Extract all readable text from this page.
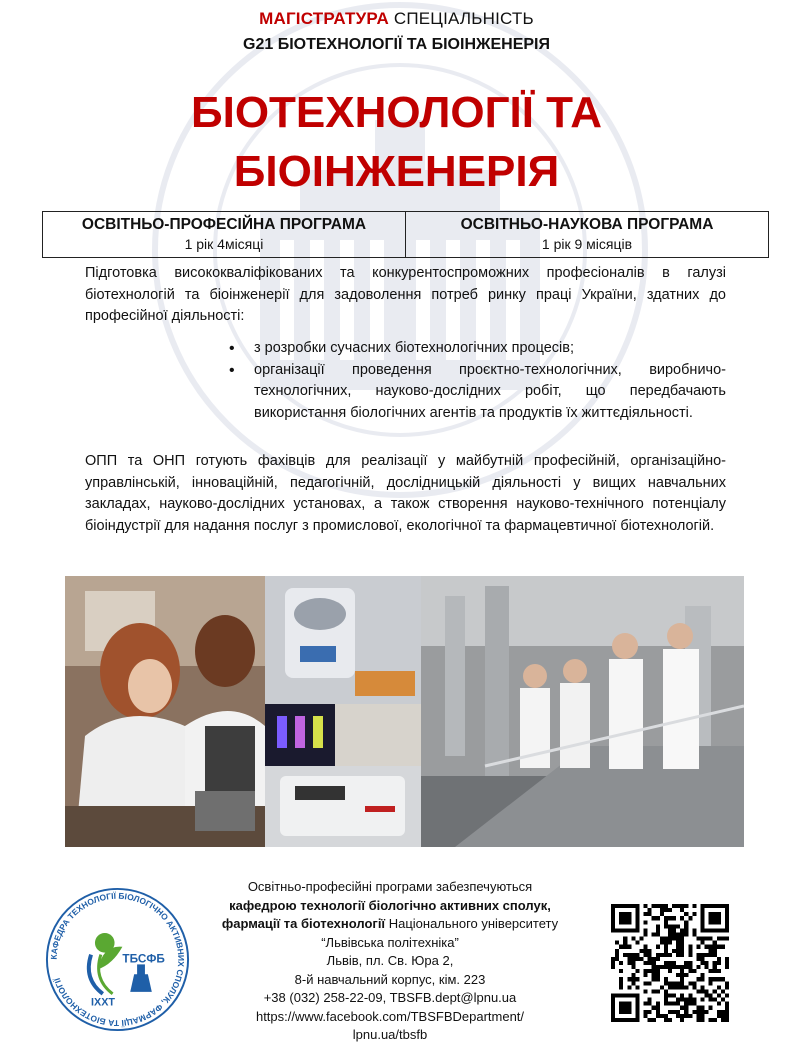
МАГІСТРАТУРА СПЕЦІАЛЬНІСТЬ
G21 БІОТЕХНОЛОГІЇ ТА БІОІНЖЕНЕРІЯ
БІОТЕХНОЛОГІЇ ТА
БІОІНЖЕНЕРІЯ
ОСВІТНЬО-ПРОФЕСІЙНА ПРОГРАМА
1 рік 4місяці

ОСВІТНЬО-НАУКОВА ПРОГРАМА
1 рік 9 місяців
Підготовка висококваліфікованих та конкурентоспроможних професіоналів в галузі біотехнологій та біоінженерії для задоволення потреб ринку праці України, здатних до професійної діяльності:
• з розробки сучасних біотехнологічних процесів;
• організації проведення проєктно-технологічних, виробничо-технологічних, науково-дослідних робіт, що передбачають використання біологічних агентів та продуктів їх життєдіяльності.
ОПП та ОНП готують фахівців для реалізації у майбутній професійній, організаційно-управлінській, інноваційній, педагогічній, дослідницькій діяльності у вищих навчальних закладах, науково-дослідних установах, а також створення науково-технічного потенціалу біоіндустрії для надання послуг з промислової, екологічної та фармацевтичної біотехнологій.
КАФЕДРА ТЕХНОЛОГІЇ БІОЛОГІЧНО АКТИВНИХ СПОЛУК, ФАРМАЦІЇ ТА БІОТЕХНОЛОГІЇ
ТБСФБ
IXXT
Освітньо-професійні програми забезпечуються
кафедрою технології біологічно активних сполук,
фармації та біотехнології Національного університету
“Львівська політехніка”
Львів, пл. Св. Юра 2,
8-й навчальний корпус, кім. 223
+38 (032) 258-22-09, TBSFB.dept@lpnu.ua
https://www.facebook.com/TBSFBDepartment/
lpnu.ua/tbsfb
